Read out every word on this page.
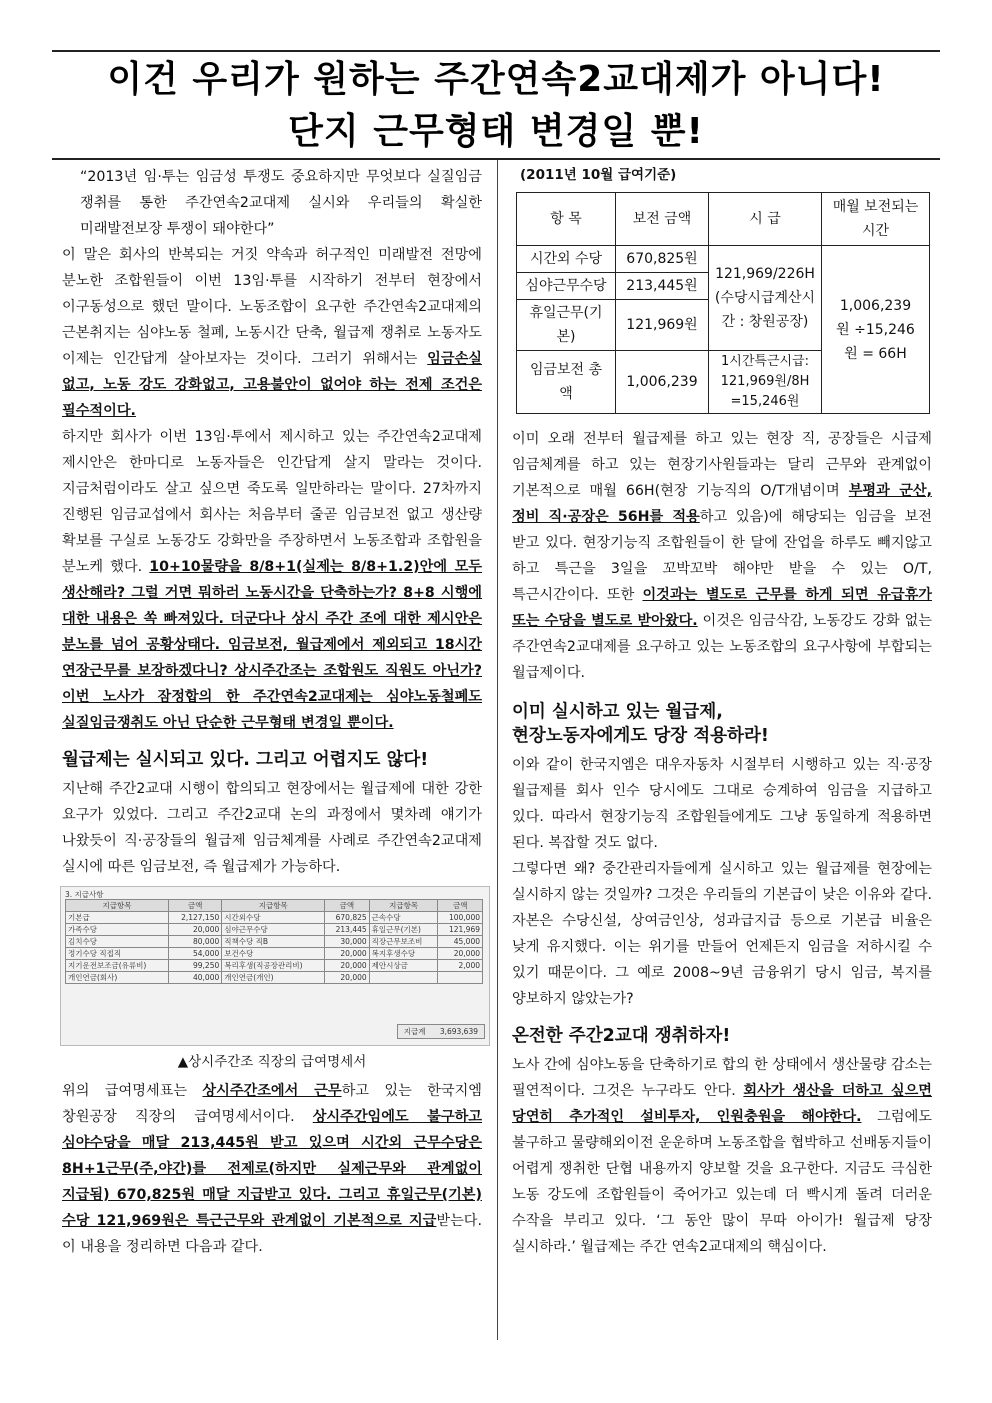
이건 우리가 원하는 주간연속2교대제가 아니다!
단지 근무형태 변경일 뿐!

“2013년 임·투는 임금성 투쟁도 중요하지만 무엇보다 실질임금 쟁취를 통한 주간연속2교대제 실시와 우리들의 확실한 미래발전보장 투쟁이 돼야한다”

이 말은 회사의 반복되는 거짓 약속과 허구적인 미래발전 전망에 분노한 조합원들이 이번 13임·투를 시작하기 전부터 현장에서 이구동성으로 했던 말이다. 노동조합이 요구한 주간연속2교대제의 근본취지는 심야노동 철폐, 노동시간 단축, 월급제 쟁취로 노동자도 이제는 인간답게 살아보자는 것이다. 그러기 위해서는 임금손실 없고, 노동 강도 강화없고, 고용불안이 없어야 하는 전제 조건은 필수적이다.

하지만 회사가 이번 13임·투에서 제시하고 있는 주간연속2교대제 제시안은 한마디로 노동자들은 인간답게 살지 말라는 것이다. 지금처럼이라도 살고 싶으면 죽도록 일만하라는 말이다. 27차까지 진행된 임금교섭에서 회사는 처음부터 줄곧 임금보전 없고 생산량 확보를 구실로 노동강도 강화만을 주장하면서 노동조합과 조합원을 분노케 했다. 10+10물량을 8/8+1(실제는 8/8+1.2)안에 모두 생산해라? 그럴 거면 뭐하러 노동시간을 단축하는가? 8+8 시행에 대한 내용은 쏙 빠져있다. 더군다나 상시 주간 조에 대한 제시안은 분노를 넘어 공황상태다. 임금보전, 월급제에서 제외되고 18시간 연장근무를 보장하겠다니? 상시주간조는 조합원도 직원도 아닌가? 이번 노사가 잠정합의 한 주간연속2교대제는 심야노동철폐도 실질임금쟁취도 아닌 단순한 근무형태 변경일 뿐이다.

월급제는 실시되고 있다. 그리고 어렵지도 않다!

지난해 주간2교대 시행이 합의되고 현장에서는 월급제에 대한 강한 요구가 있었다. 그리고 주간2교대 논의 과정에서 몇차례 얘기가 나왔듯이 직·공장들의 월급제 임금체계를 사례로 주간연속2교대제 실시에 따른 임금보전, 즉 월급제가 가능하다.

3. 지급사항
지급항목	금액	지급항목	금액	지급항목	금액
기본급	2,127,150	시간외수당	670,825	근속수당	100,000
가족수당	20,000	심야근무수당	213,445	휴일근무(기본)	121,969
김치수당	80,000	직책수당 직B	30,000	직장근무보조비	45,000
정기수당 직접직	54,000	보건수당	20,000	복지후생수당	20,000
지기운전보조금(유류비)	99,250	복리후생(직공장관리비)	20,000	제안시상금	2,000
개인연금(회사)	40,000	개인연금(개인)	20,000		
지급계 3,693,639
▲상시주간조 직장의 급여명세서

위의 급여명세표는 상시주간조에서 근무하고 있는 한국지엠 창원공장 직장의 급여명세서이다. 상시주간임에도 불구하고 심야수당을 매달 213,445원 받고 있으며 시간외 근무수당은 8H+1근무(주,야간)를 전제로(하지만 실제근무와 관계없이 지급됨) 670,825원 매달 지급받고 있다. 그리고 휴일근무(기본)수당 121,969원은 특근근무와 관계없이 기본적으로 지급받는다. 이 내용을 정리하면 다음과 같다.

(2011년 10월 급여기준)
항 목	보전 금액	시 급	매월 보전되는 시간
시간외 수당	670,825원	121,969/226H (수당시급계산시간 : 창원공장)	1,006,239원 ÷15,246원 = 66H
심야근무수당	213,445원		
휴일근무(기본)	121,969원		
임금보전 총액	1,006,239	1시간특근시급: 121,969원/8H =15,246원	

이미 오래 전부터 월급제를 하고 있는 현장 직, 공장들은 시급제 임금체계를 하고 있는 현장기사원들과는 달리 근무와 관계없이 기본적으로 매월 66H(현장 기능직의 O/T개념이며 부평과 군산, 정비 직·공장은 56H를 적용하고 있음)에 해당되는 임금을 보전 받고 있다. 현장기능직 조합원들이 한 달에 잔업을 하루도 빼지않고 하고 특근을 3일을 꼬박꼬박 해야만 받을 수 있는 O/T, 특근시간이다. 또한 이것과는 별도로 근무를 하게 되면 유급휴가 또는 수당을 별도로 받아왔다. 이것은 임금삭감, 노동강도 강화 없는 주간연속2교대제를 요구하고 있는 노동조합의 요구사항에 부합되는 월급제이다.

이미 실시하고 있는 월급제,
현장노동자에게도 당장 적용하라!

이와 같이 한국지엠은 대우자동차 시절부터 시행하고 있는 직·공장 월급제를 회사 인수 당시에도 그대로 승계하여 임금을 지급하고 있다. 따라서 현장기능직 조합원들에게도 그냥 동일하게 적용하면 된다. 복잡할 것도 없다.

그렇다면 왜? 중간관리자들에게 실시하고 있는 월급제를 현장에는 실시하지 않는 것일까? 그것은 우리들의 기본급이 낮은 이유와 같다. 자본은 수당신설, 상여금인상, 성과급지급 등으로 기본급 비율은 낮게 유지했다. 이는 위기를 만들어 언제든지 임금을 저하시킬 수 있기 때문이다. 그 예로 2008~9년 금융위기 당시 임금, 복지를 양보하지 않았는가?

온전한 주간2교대 쟁취하자!

노사 간에 심야노동을 단축하기로 합의 한 상태에서 생산물량 감소는 필연적이다. 그것은 누구라도 안다. 회사가 생산을 더하고 싶으면 당연히 추가적인 설비투자, 인원충원을 해야한다. 그럼에도 불구하고 물량해외이전 운운하며 노동조합을 협박하고 선배동지들이 어렵게 쟁취한 단협 내용까지 양보할 것을 요구한다. 지금도 극심한 노동 강도에 조합원들이 죽어가고 있는데 더 빡시게 돌려 더러운 수작을 부리고 있다. ‘그 동안 많이 무따 아이가! 월급제 당장 실시하라.’ 월급제는 주간 연속2교대제의 핵심이다.
